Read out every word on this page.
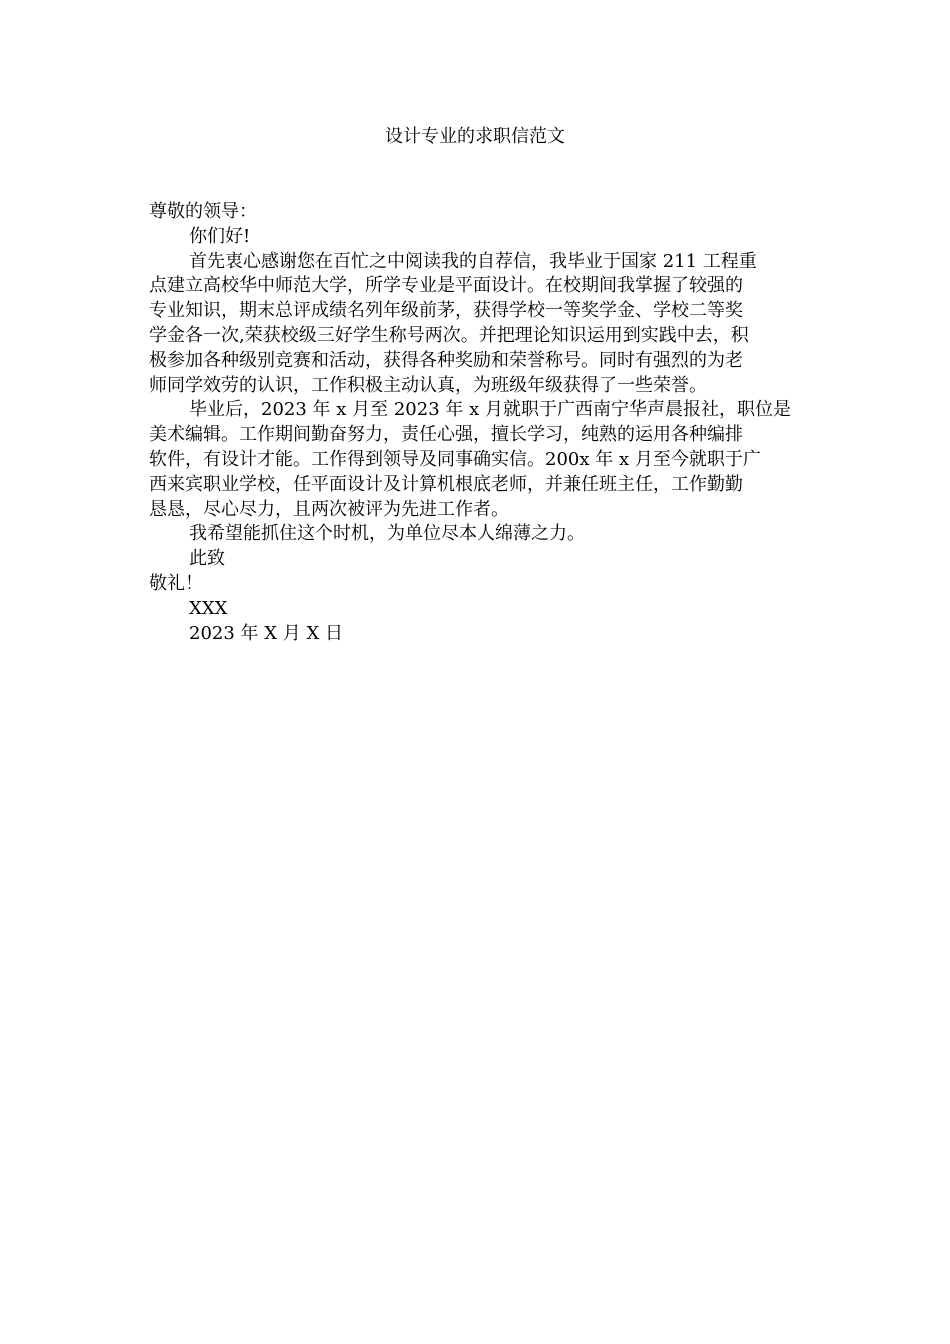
设计专业的求职信范文
尊敬的领导：
你们好!
首先衷心感谢您在百忙之中阅读我的自荐信，我毕业于国家 211 工程重
点建立高校华中师范大学，所学专业是平面设计。在校期间我掌握了较强的
专业知识，期末总评成绩名列年级前茅，获得学校一等奖学金、学校二等奖
学金各一次,荣获校级三好学生称号两次。并把理论知识运用到实践中去，积
极参加各种级别竞赛和活动，获得各种奖励和荣誉称号。同时有强烈的为老
师同学效劳的认识，工作积极主动认真，为班级年级获得了一些荣誉。
毕业后，2023 年 x 月至 2023 年 x 月就职于广西南宁华声晨报社，职位是
美术编辑。工作期间勤奋努力，责任心强，擅长学习，纯熟的运用各种编排
软件，有设计才能。工作得到领导及同事确实信。200x 年 x 月至今就职于广
西来宾职业学校，任平面设计及计算机根底老师，并兼任班主任，工作勤勤
恳恳，尽心尽力，且两次被评为先进工作者。
我希望能抓住这个时机，为单位尽本人绵薄之力。
此致
敬礼！
XXX
2023 年 X 月 X 日
